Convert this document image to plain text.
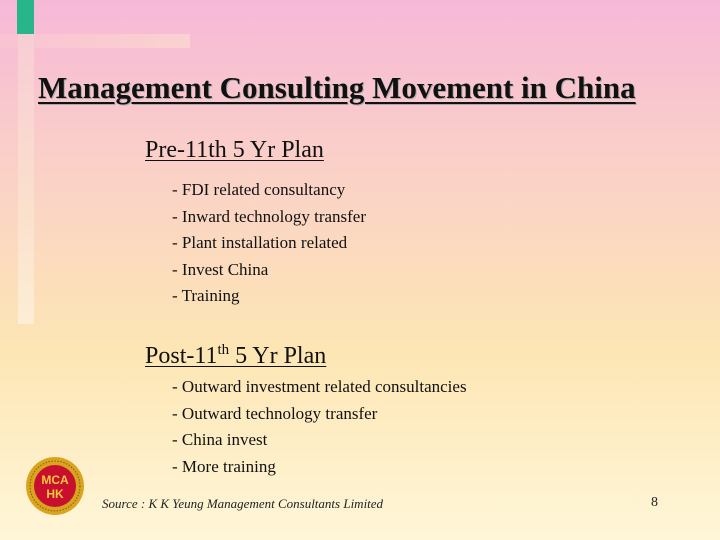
Management Consulting Movement in China
Pre-11th 5 Yr Plan
- FDI related consultancy
- Inward technology transfer
- Plant installation related
- Invest China
- Training
Post-11th 5 Yr Plan
- Outward investment related consultancies
- Outward technology transfer
- China invest
- More training
MCA
HK
Source : K K Yeung Management Consultants Limited	8
